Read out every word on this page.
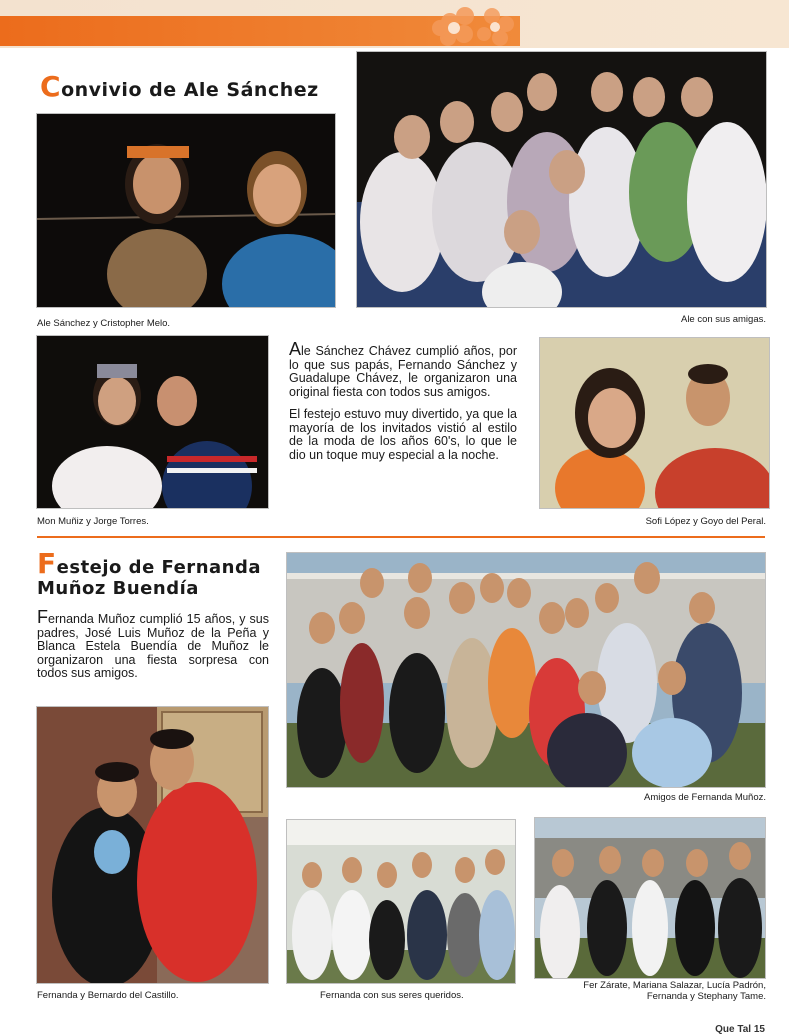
Convivio de Ale Sánchez
Ale Sánchez y Cristopher Melo.	Ale con sus amigas.
Mon Muñiz y Jorge Torres.

Ale Sánchez Chávez cumplió años, por lo que sus papás, Fernando Sánchez y Guadalupe Chávez, le organizaron una original fiesta con todos sus amigos.

El festejo estuvo muy divertido, ya que la mayoría de los invitados vistió al estilo de la moda de los años 60's, lo que le dio un toque muy especial a la noche.

Sofi López y Goyo del Peral.
Festejo de Fernanda
Muñoz Buendía

Fernanda Muñoz cumplió 15 años, y sus padres, José Luis Muñoz de la Peña y Blanca Estela Buendía de Muñoz le organizaron una fiesta sorpresa con todos sus amigos.

Amigos de Fernanda Muñoz.
Fernanda y Bernardo del Castillo.	Fernanda con sus seres queridos.
Fer Zárate, Mariana Salazar, Lucía Padrón,
Fernanda y Stephany Tame.
Que Tal 15
